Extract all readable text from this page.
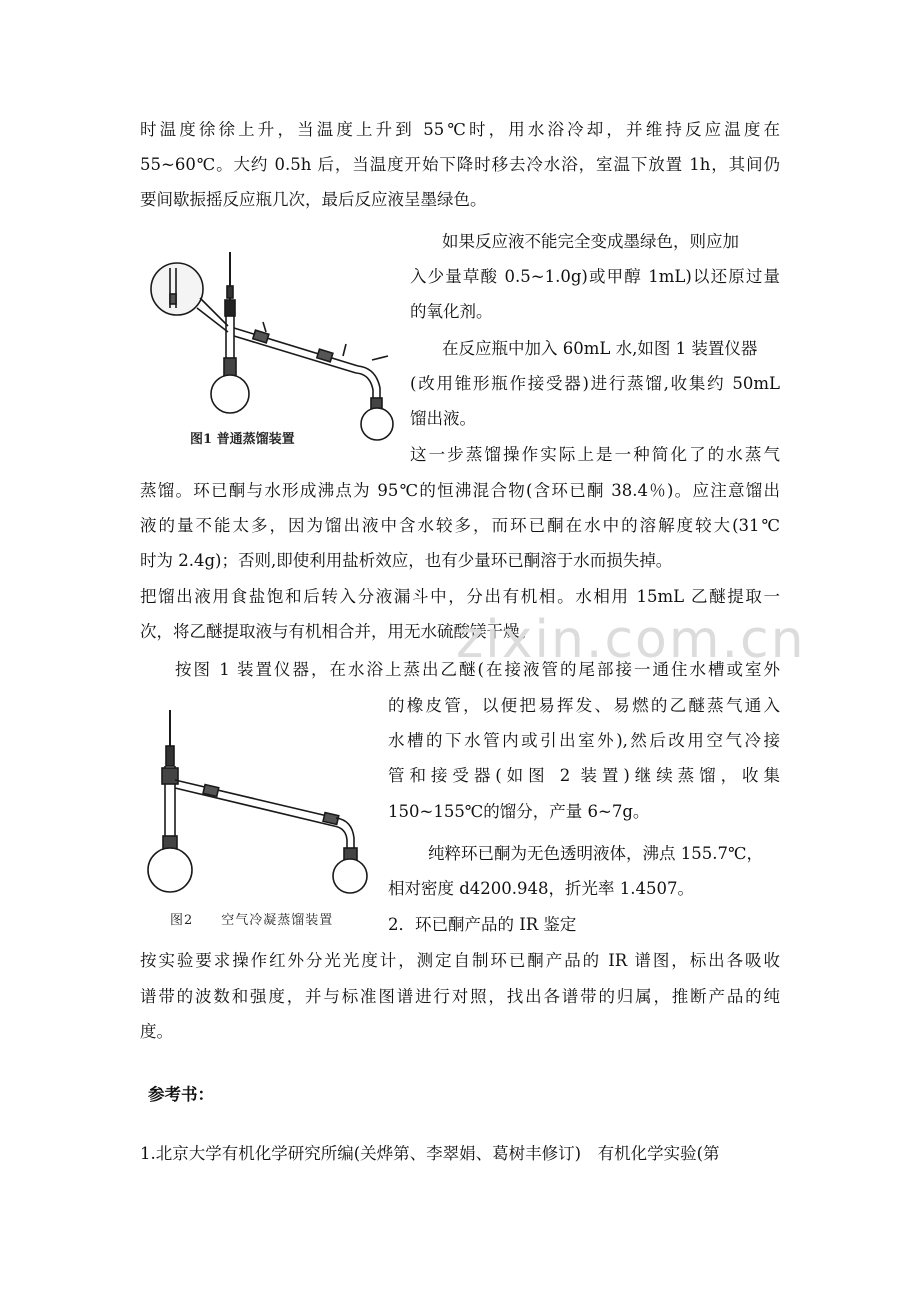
时温度徐徐上升，当温度上升到 55℃时，用水浴冷却，并维持反应温度在
55~60℃。大约 0.5h 后，当温度开始下降时移去冷水浴，室温下放置 1h，其间仍
要间歇振摇反应瓶几次，最后反应液呈墨绿色。
图1 普通蒸馏装置
如果反应液不能完全变成墨绿色，则应加
入少量草酸 0.5~1.0g)或甲醇 1mL)以还原过量
的氧化剂。
在反应瓶中加入 60mL 水,如图 1 装置仪器
(改用锥形瓶作接受器)进行蒸馏,收集约 50mL
馏出液。
这一步蒸馏操作实际上是一种简化了的水蒸气
蒸馏。环已酮与水形成沸点为 95℃的恒沸混合物(含环已酮 38.4％)。应注意馏出
液的量不能太多，因为馏出液中含水较多，而环已酮在水中的溶解度较大(31℃
时为 2.4g)；否则,即使利用盐析效应，也有少量环已酮溶于水而损失掉。
把馏出液用食盐饱和后转入分液漏斗中，分出有机相。水相用 15mL 乙醚提取一
次，将乙醚提取液与有机相合并，用无水硫酸镁干燥。
zixin.com.cn
按图 1 装置仪器，在水浴上蒸出乙醚(在接液管的尾部接一通住水槽或室外
的橡皮管，以便把易挥发、易燃的乙醚蒸气通入
水槽的下水管内或引出室外),然后改用空气冷接
管和接受器(如图 2 装置)继续蒸馏，收集
150~155℃的馏分，产量 6~7g。
图2　　空气冷凝蒸馏装置
纯粹环已酮为无色透明液体，沸点 155.7℃，
相对密度 d4200.948，折光率 1.4507。
2．环已酮产品的 IR 鉴定
按实验要求操作红外分光光度计，测定自制环已酮产品的 IR 谱图，标出各吸收
谱带的波数和强度，并与标准图谱进行对照，找出各谱带的归属，推断产品的纯
度。
参考书：
1.北京大学有机化学研究所编(关烨第、李翠娟、葛树丰修订)　有机化学实验(第
